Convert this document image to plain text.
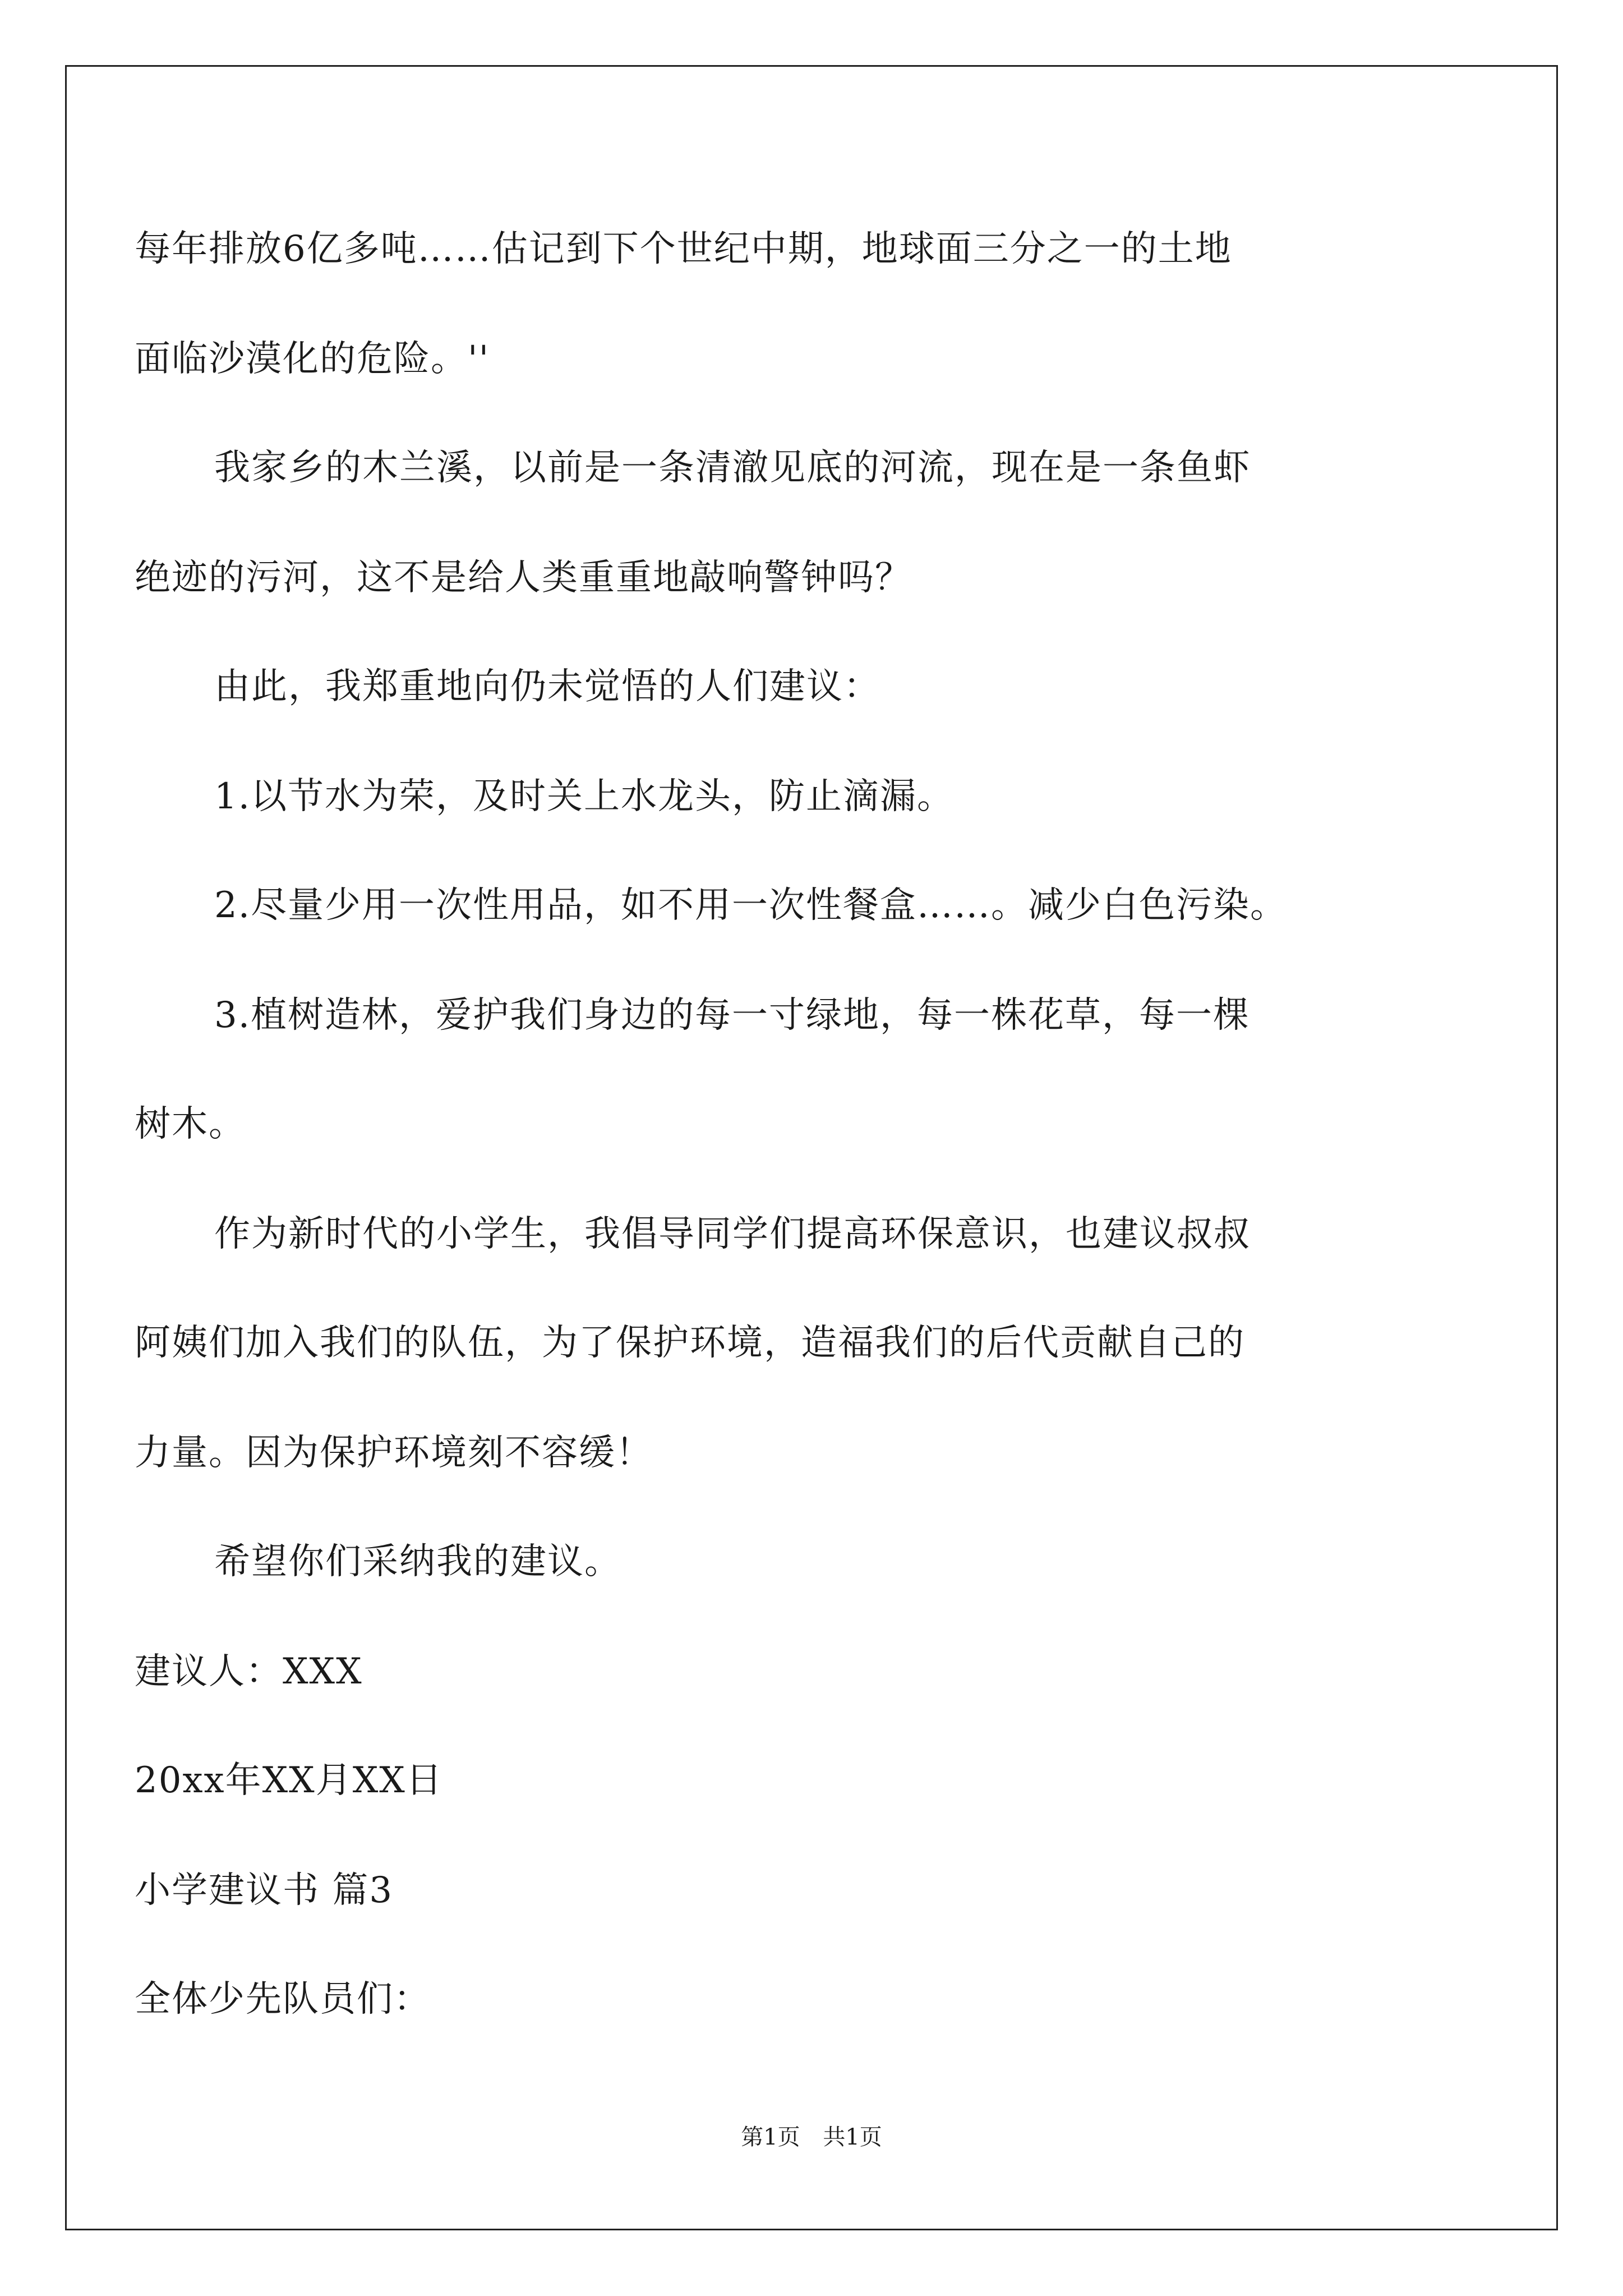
每年排放6亿多吨……估记到下个世纪中期，地球面三分之一的土地
面临沙漠化的危险。''
我家乡的木兰溪，以前是一条清澈见底的河流，现在是一条鱼虾
绝迹的污河，这不是给人类重重地敲响警钟吗？
由此，我郑重地向仍未觉悟的人们建议：
1.以节水为荣，及时关上水龙头，防止滴漏。
2.尽量少用一次性用品，如不用一次性餐盒……。减少白色污染。
3.植树造林，爱护我们身边的每一寸绿地，每一株花草，每一棵
树木。
作为新时代的小学生，我倡导同学们提高环保意识，也建议叔叔
阿姨们加入我们的队伍，为了保护环境，造福我们的后代贡献自己的
力量。因为保护环境刻不容缓！
希望你们采纳我的建议。
建议人：XXX
20xx年XX月XX日
小学建议书 篇3
全体少先队员们：
第1页 共1页
